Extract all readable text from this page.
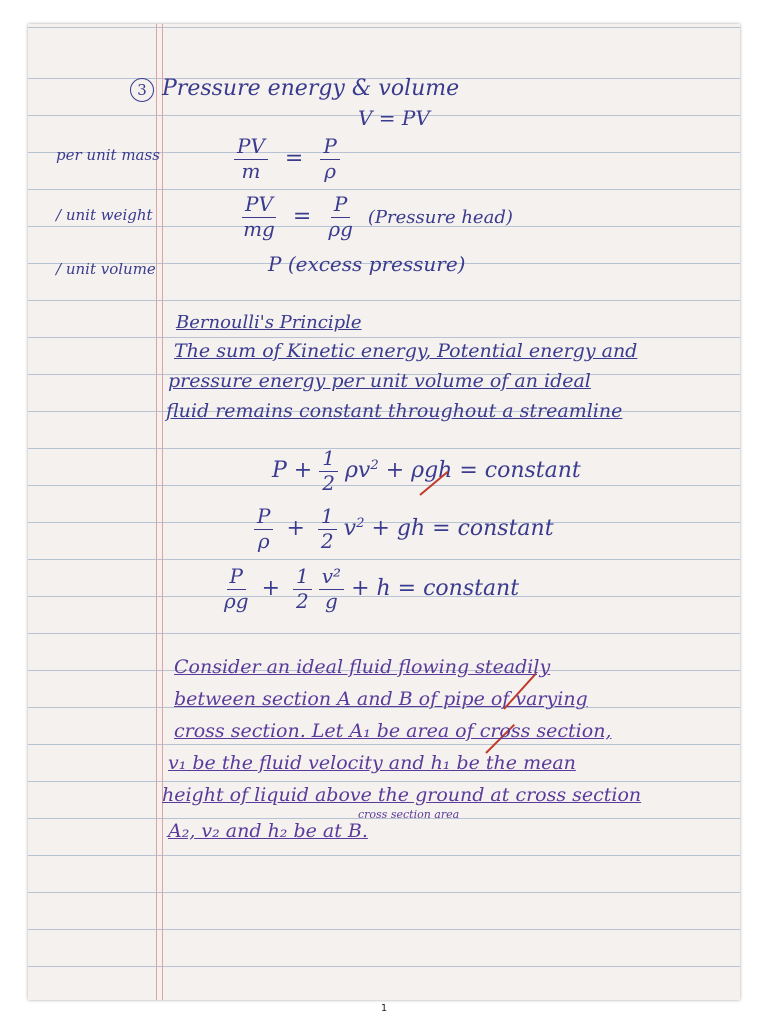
3 Pressure energy & volume
V = PV
per unit mass	$\frac{PV}{m} = \frac{P}{\rho}$
/ unit weight	$\frac{PV}{mg} = \frac{P}{\rho g}$ (Pressure head)
/ unit volume	P (excess pressure)
Bernoulli's Principle
The sum of Kinetic energy, Potential energy and
pressure energy per unit volume of an ideal
fluid remains constant throughout a streamline
$P + \frac{1}{2} \rho v^2 + \rho gh$ = constant
$\frac{P}{\rho} + \frac{1}{2} v^2$ + gh = constant
$\frac{P}{\rho g} + \frac{1}{2}$
$\frac{\text{v²}}{g} + h$ = constant
Consider an ideal fluid flowing steadily
between section A and B of pipe of varying
cross section. Let A₁ be area of cross section,
v₁ be the fluid velocity and h₁ be the mean
height of liquid above the ground at cross section
cross section area
A₂, v₂ and h₂ be at B.
1
